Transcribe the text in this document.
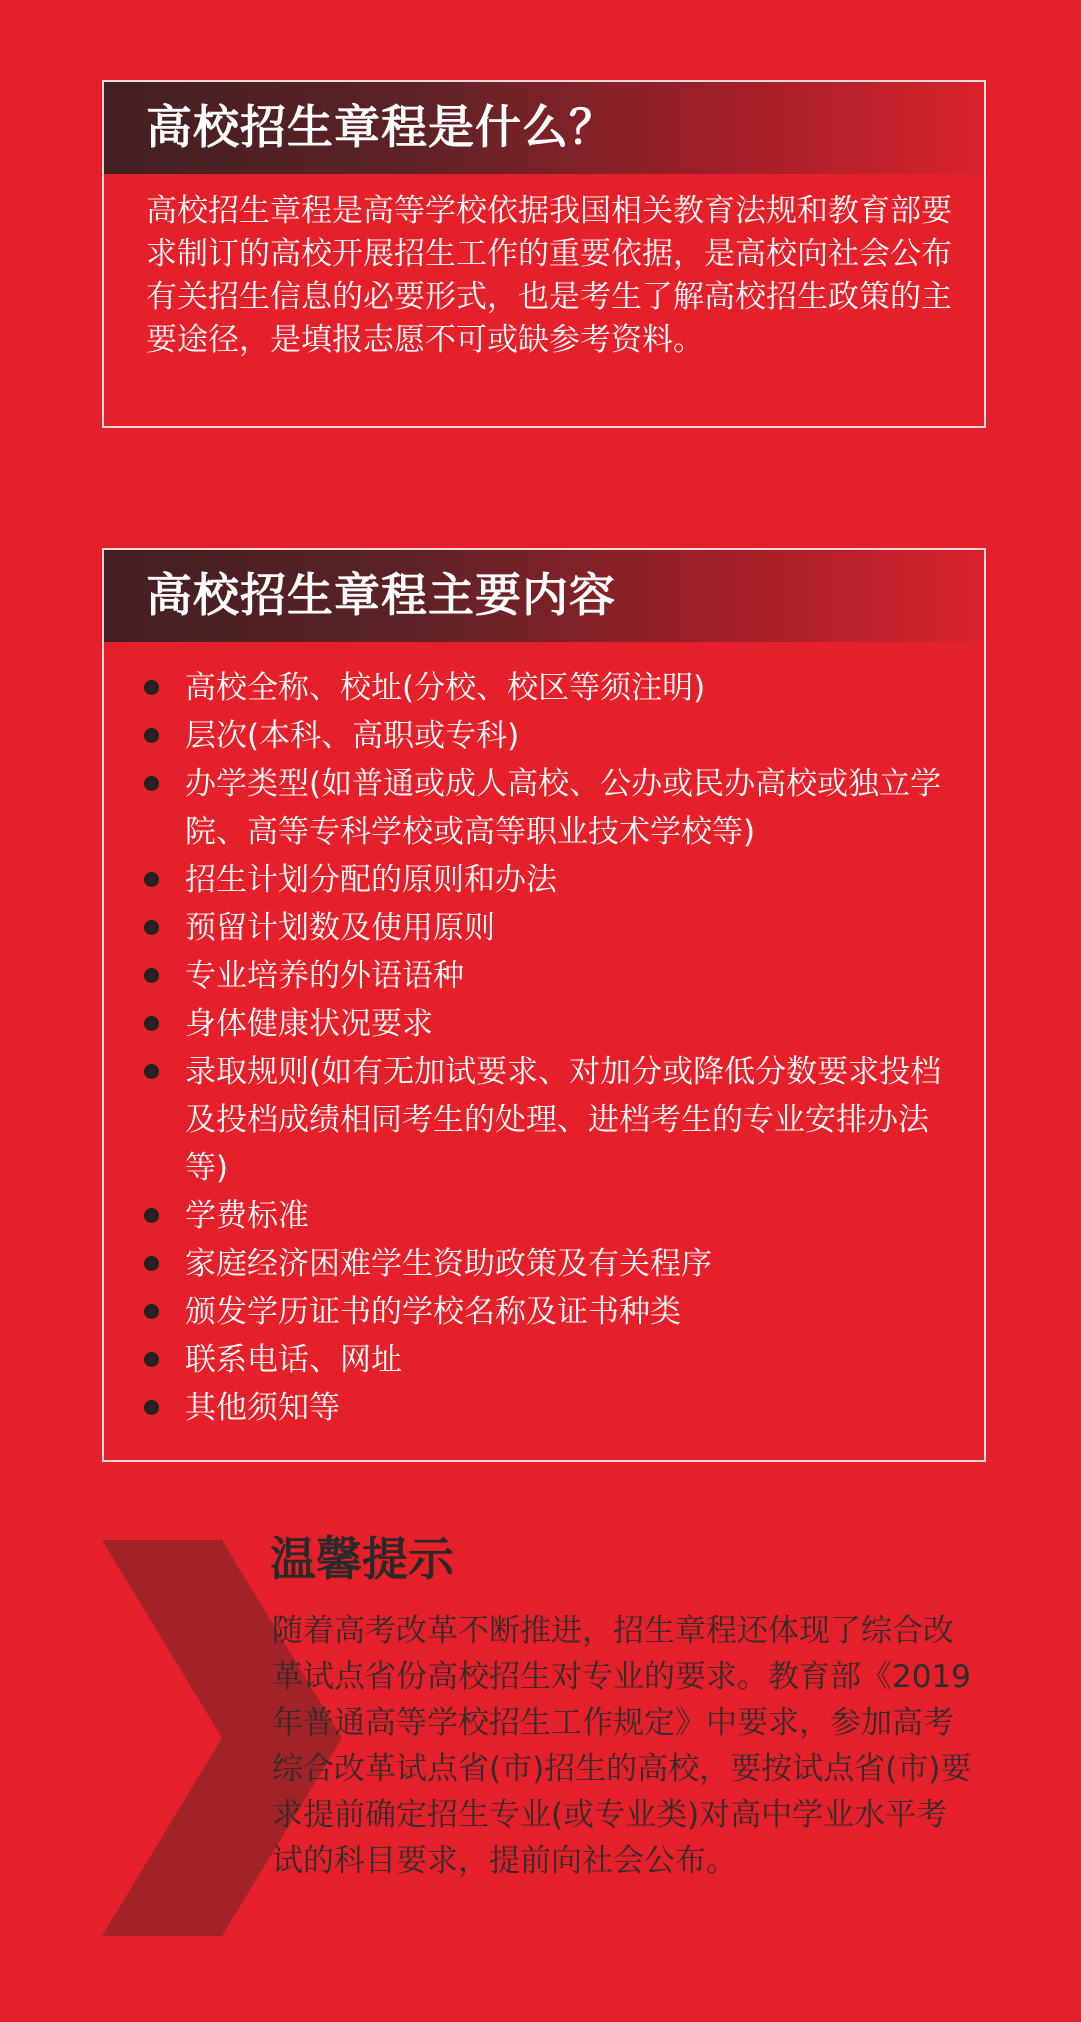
高校招生章程是什么？

高校招生章程是高等学校依据我国相关教育法规和教育部要求制订的高校开展招生工作的重要依据，是高校向社会公布有关招生信息的必要形式，也是考生了解高校招生政策的主要途径，是填报志愿不可或缺参考资料。

高校招生章程主要内容
高校全称、校址(分校、校区等须注明)
层次(本科、高职或专科)
办学类型(如普通或成人高校、公办或民办高校或独立学院、高等专科学校或高等职业技术学校等)
招生计划分配的原则和办法
预留计划数及使用原则
专业培养的外语语种
身体健康状况要求
录取规则(如有无加试要求、对加分或降低分数要求投档及投档成绩相同考生的处理、进档考生的专业安排办法等)
学费标准
家庭经济困难学生资助政策及有关程序
颁发学历证书的学校名称及证书种类
联系电话、网址
其他须知等
温馨提示

随着高考改革不断推进，招生章程还体现了综合改革试点省份高校招生对专业的要求。教育部《2019年普通高等学校招生工作规定》中要求，参加高考综合改革试点省(市)招生的高校，要按试点省(市)要求提前确定招生专业(或专业类)对高中学业水平考试的科目要求，提前向社会公布。
